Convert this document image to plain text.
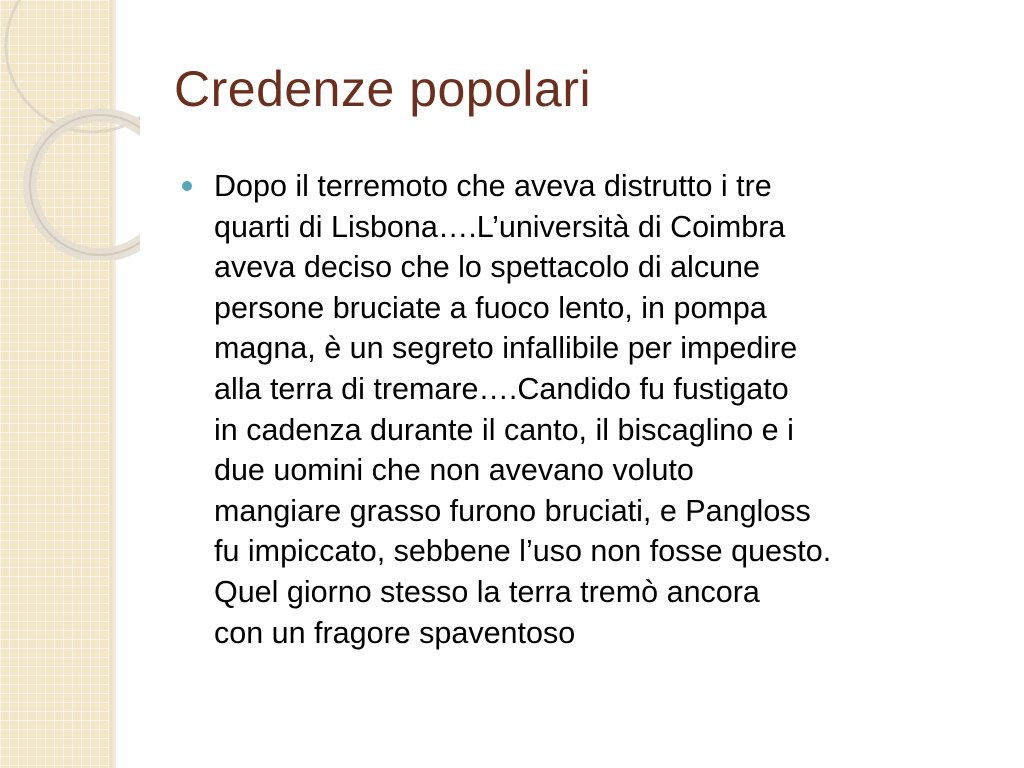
Credenze popolari
Dopo il terremoto che aveva distrutto i tre
quarti di Lisbona….L’università di Coimbra
aveva deciso che lo spettacolo di alcune
persone bruciate a fuoco lento, in pompa
magna, è un segreto infallibile per impedire
alla terra di tremare….Candido fu fustigato
in cadenza durante il canto, il biscaglino e i
due uomini che non avevano voluto
mangiare grasso furono bruciati, e Pangloss
fu impiccato, sebbene l’uso non fosse questo.
Quel giorno stesso la terra tremò ancora
con un fragore spaventoso
